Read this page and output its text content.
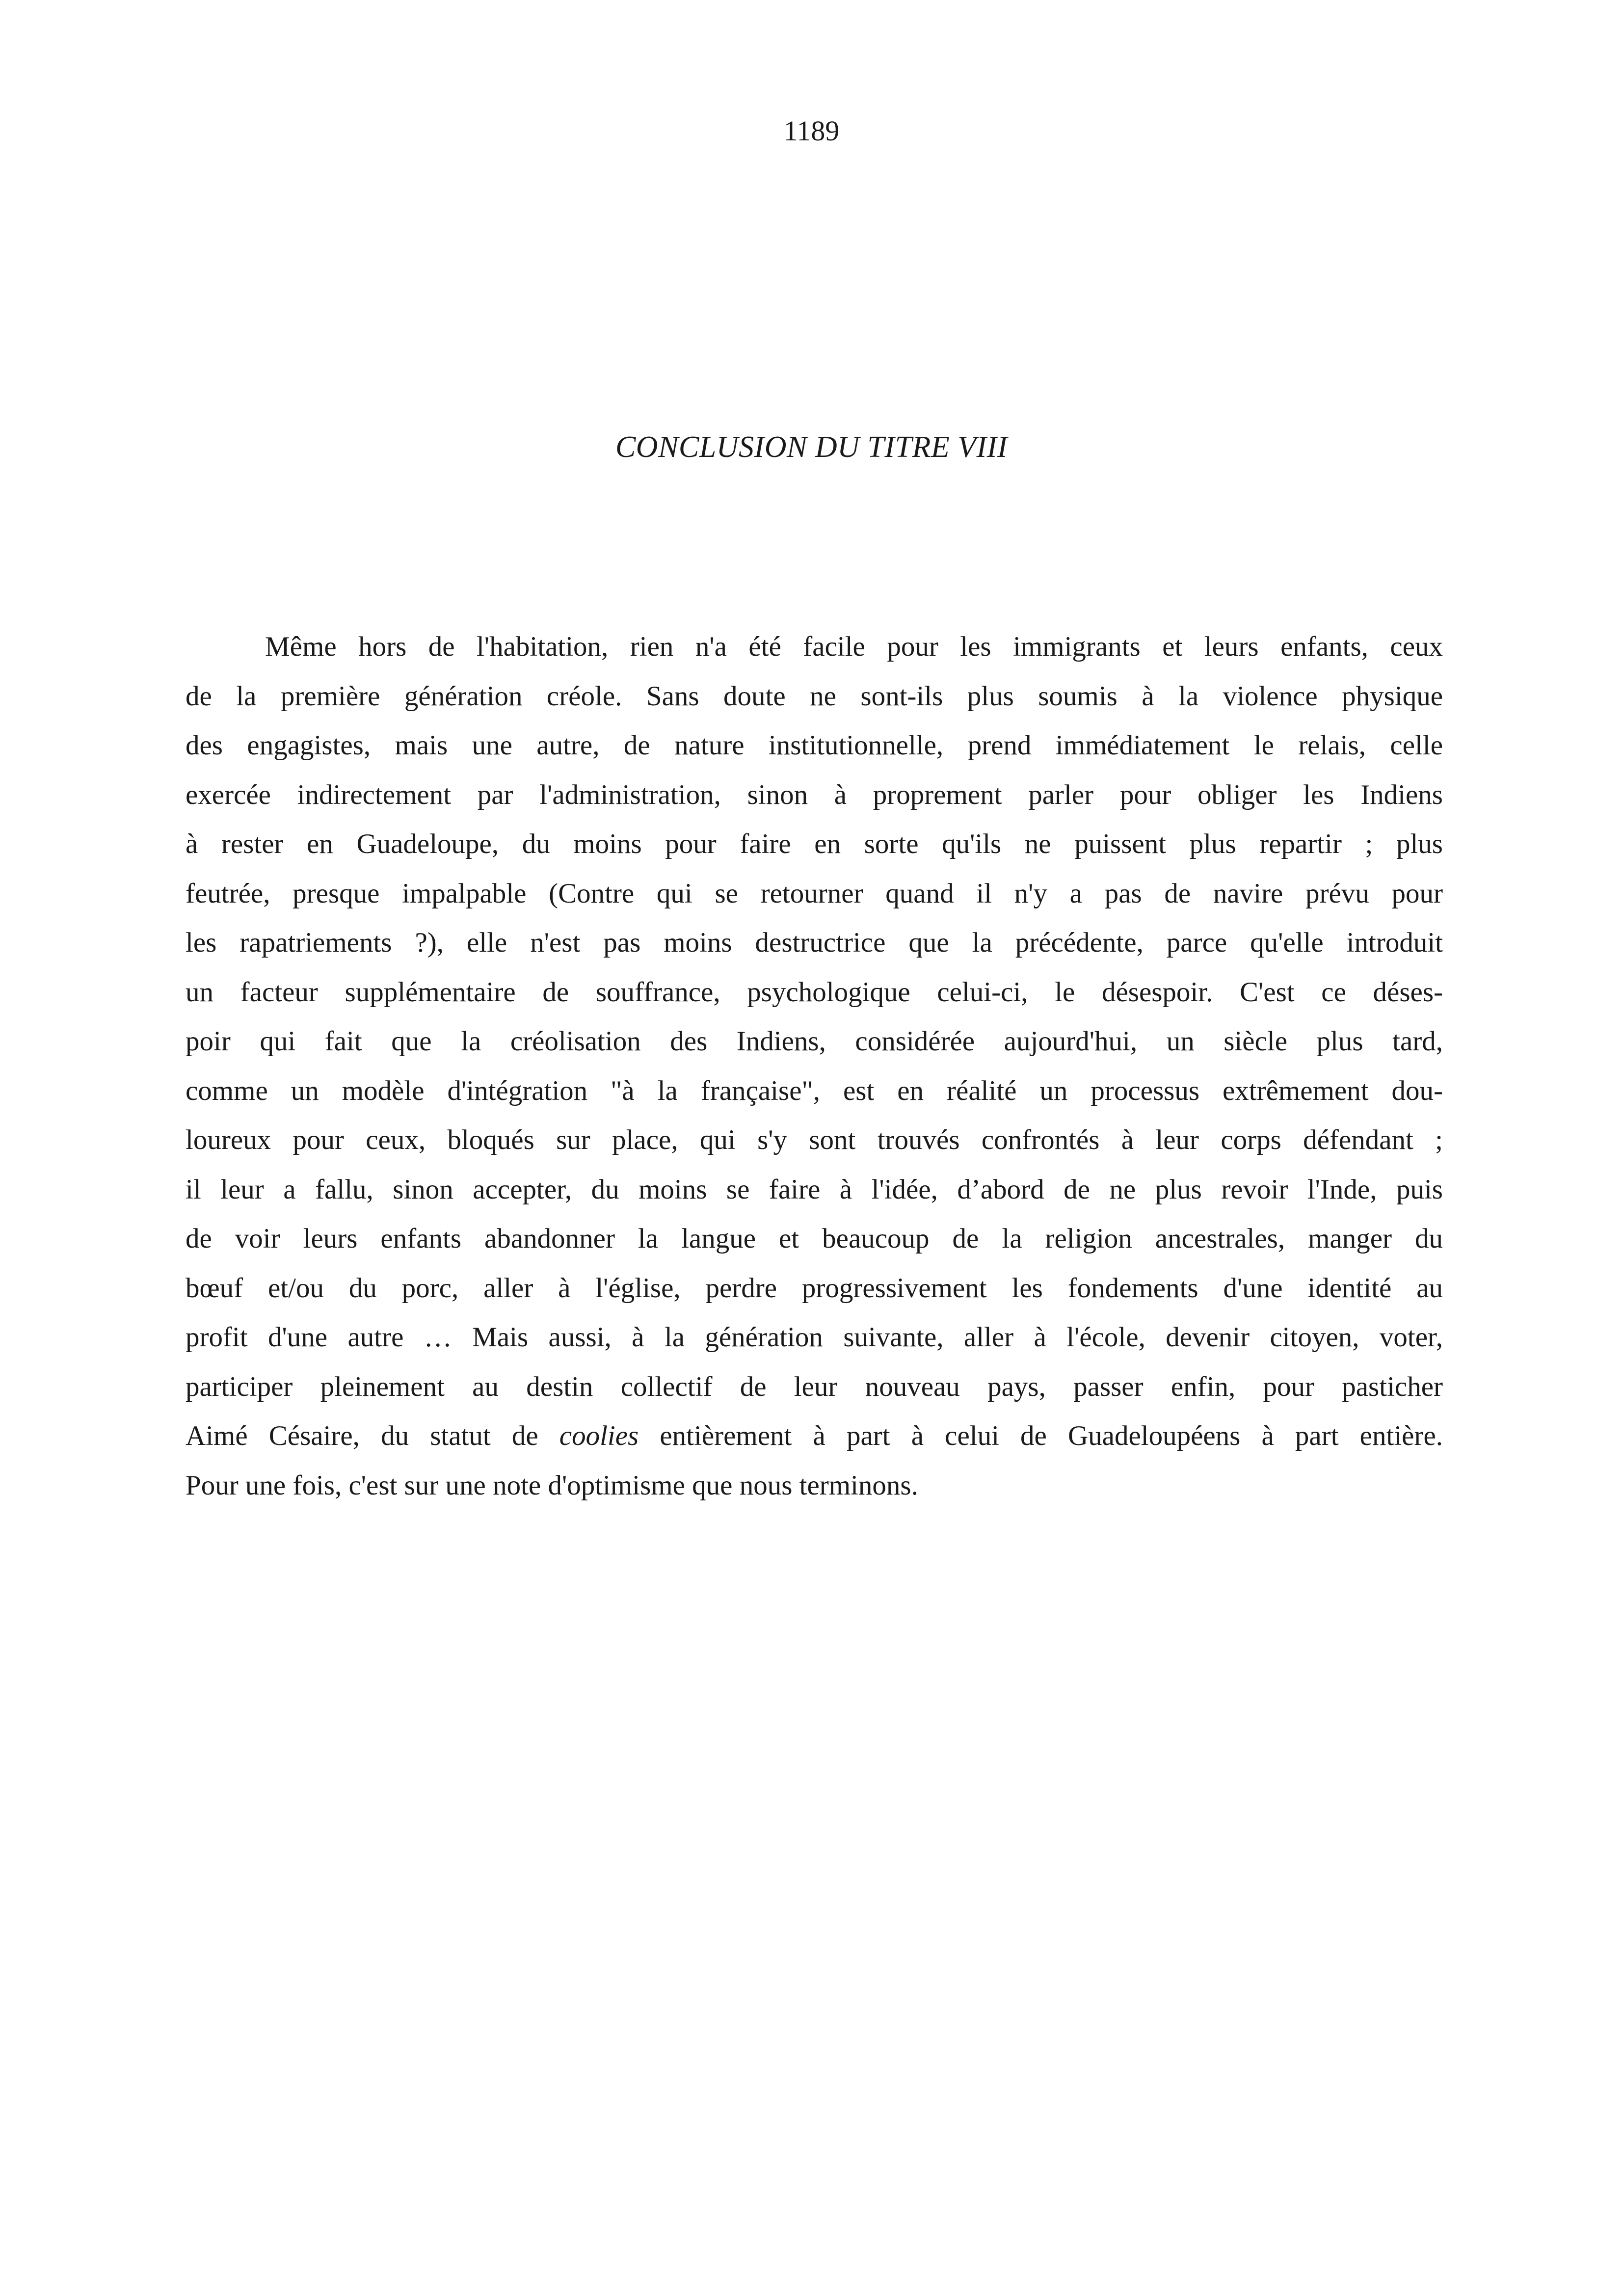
1189
CONCLUSION DU TITRE VIII
Même hors de l'habitation, rien n'a été facile pour les immigrants et leurs enfants, ceux
de la première génération créole. Sans doute ne sont-ils plus soumis à la violence physique
des engagistes, mais une autre, de nature institutionnelle, prend immédiatement le relais, celle
exercée indirectement par l'administration, sinon à proprement parler pour obliger les Indiens
à rester en Guadeloupe, du moins pour faire en sorte qu'ils ne puissent plus repartir ; plus
feutrée, presque impalpable (Contre qui se retourner quand il n'y a pas de navire prévu pour
les rapatriements ?), elle n'est pas moins destructrice que la précédente, parce qu'elle introduit
un facteur supplémentaire de souffrance, psychologique celui-ci, le désespoir. C'est ce déses-
poir qui fait que la créolisation des Indiens, considérée aujourd'hui, un siècle plus tard,
comme un modèle d'intégration "à la française", est en réalité un processus extrêmement dou-
loureux pour ceux, bloqués sur place, qui s'y sont trouvés confrontés à leur corps défendant ;
il leur a fallu, sinon accepter, du moins se faire à l'idée, d’abord de ne plus revoir l'Inde, puis
de voir leurs enfants abandonner la langue et beaucoup de la religion ancestrales, manger du
bœuf et/ou du porc, aller à l'église, perdre progressivement les fondements d'une identité au
profit d'une autre … Mais aussi, à la génération suivante, aller à l'école, devenir citoyen, voter,
participer pleinement au destin collectif de leur nouveau pays, passer enfin, pour pasticher
Aimé Césaire, du statut de coolies entièrement à part à celui de Guadeloupéens à part entière.
Pour une fois, c'est sur une note d'optimisme que nous terminons.
